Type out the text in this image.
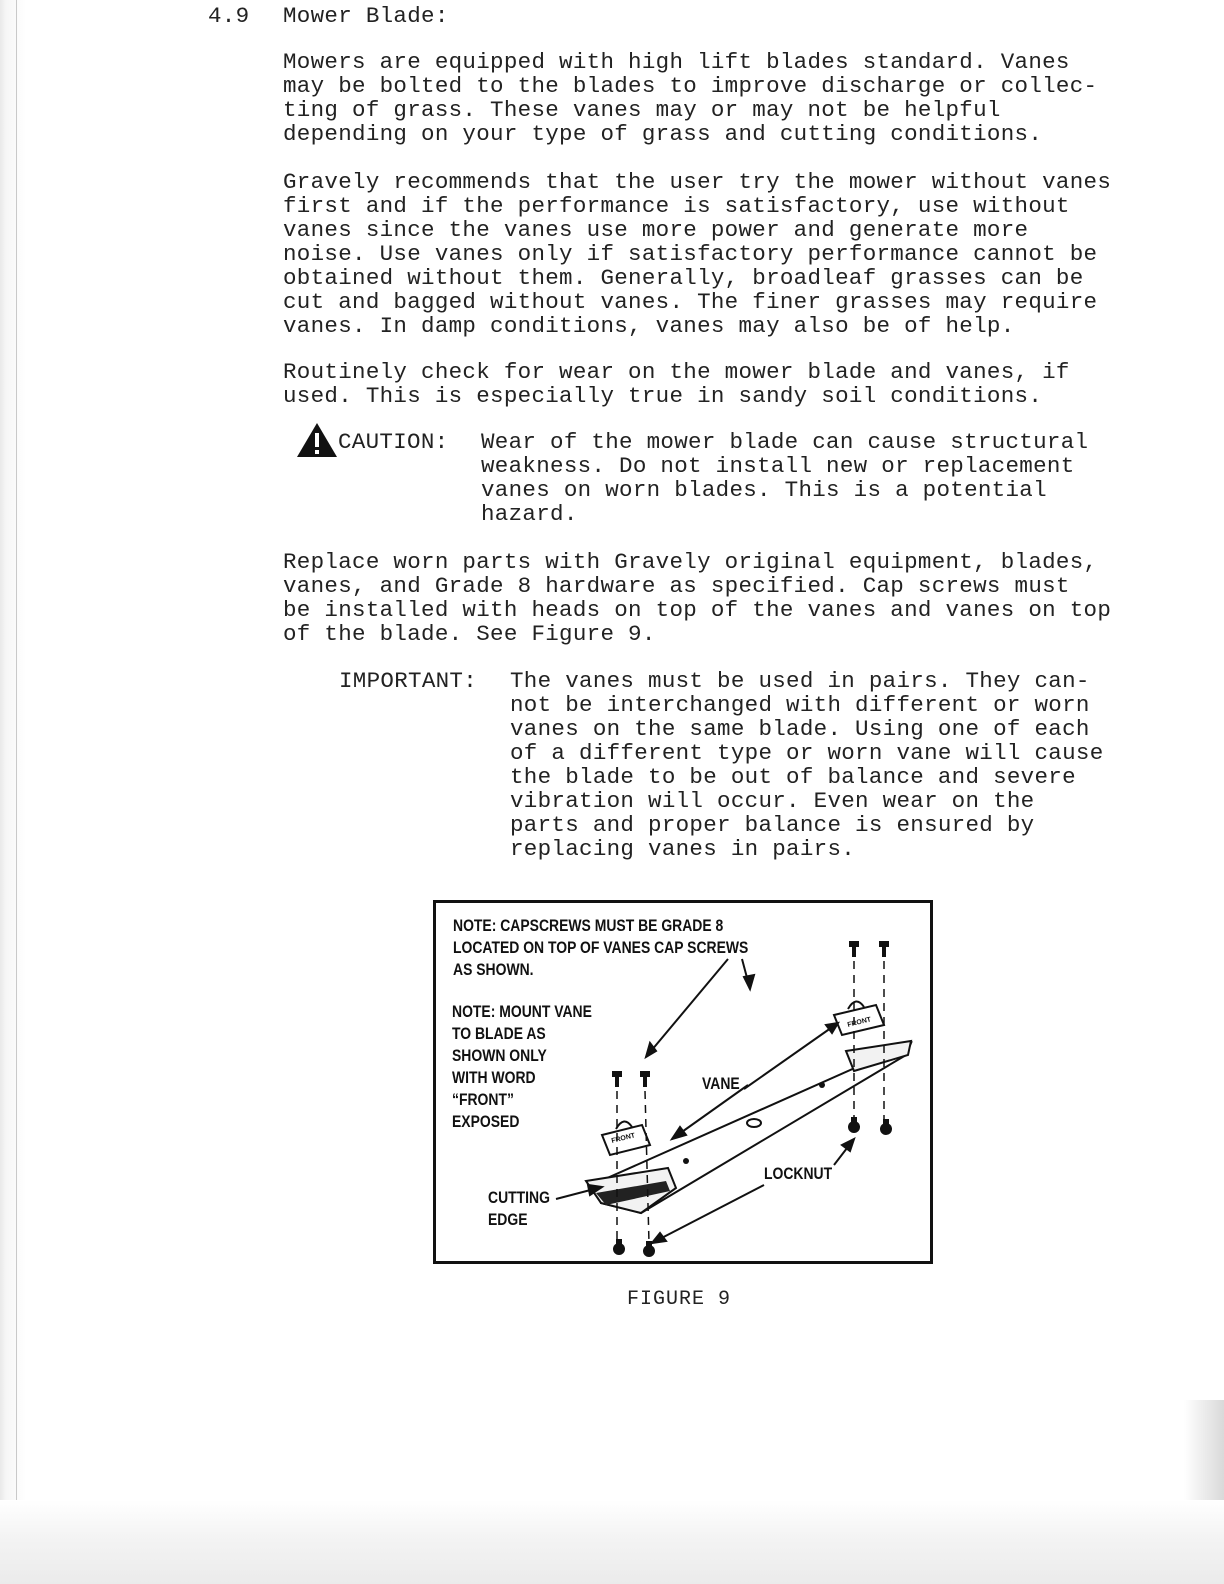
4.9 Mower Blade:

Mowers are equipped with high lift blades standard. Vanes
may be bolted to the blades to improve discharge or collec-
ting of grass. These vanes may or may not be helpful
depending on your type of grass and cutting conditions.

Gravely recommends that the user try the mower without vanes
first and if the performance is satisfactory, use without
vanes since the vanes use more power and generate more
noise. Use vanes only if satisfactory performance cannot be
obtained without them. Generally, broadleaf grasses can be
cut and bagged without vanes. The finer grasses may require
vanes. In damp conditions, vanes may also be of help.

Routinely check for wear on the mower blade and vanes, if
used. This is especially true in sandy soil conditions.

CAUTION: Wear of the mower blade can cause structural
weakness. Do not install new or replacement
vanes on worn blades. This is a potential
hazard.

Replace worn parts with Gravely original equipment, blades,
vanes, and Grade 8 hardware as specified. Cap screws must
be installed with heads on top of the vanes and vanes on top
of the blade. See Figure 9.

IMPORTANT: The vanes must be used in pairs. They can-
not be interchanged with different or worn
vanes on the same blade. Using one of each
of a different type or worn vane will cause
the blade to be out of balance and severe
vibration will occur. Even wear on the
parts and proper balance is ensured by
replacing vanes in pairs.

FRONT
FRONT

NOTE: CAPSCREWS MUST BE GRADE 8
LOCATED ON TOP OF VANES CAP SCREWS
AS SHOWN.

NOTE: MOUNT VANE
TO BLADE AS
SHOWN ONLY
WITH WORD
“FRONT”
EXPOSED

VANE
LOCKNUT
CUTTING
EDGE
FIGURE 9
